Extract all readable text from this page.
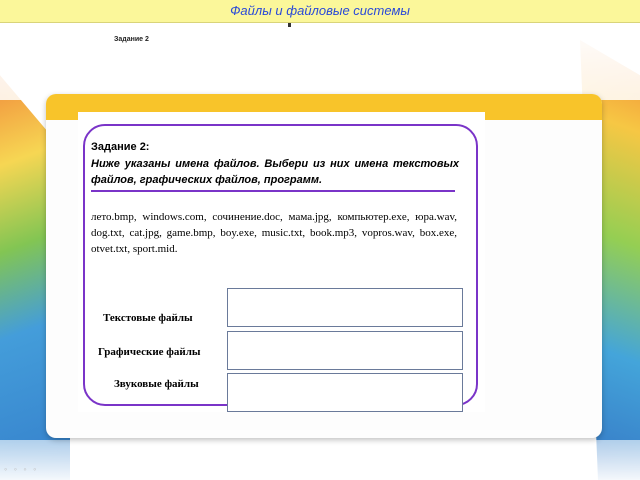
Файлы и файловые системы
Задание 2
Задание 2:
Ниже указаны имена файлов. Выбери из них имена текстовых файлов, графических файлов, программ.
лето.bmp, windows.com, сочинение.doc, мама.jpg, компьютер.exe, юра.wav, dog.txt, cat.jpg, game.bmp, boy.exe, music.txt, book.mp3, vopros.wav, box.exe, otvet.txt, sport.mid.
Текстовые файлы
Графические файлы
Звуковые файлы
◦ ◦ ◦ ◦
